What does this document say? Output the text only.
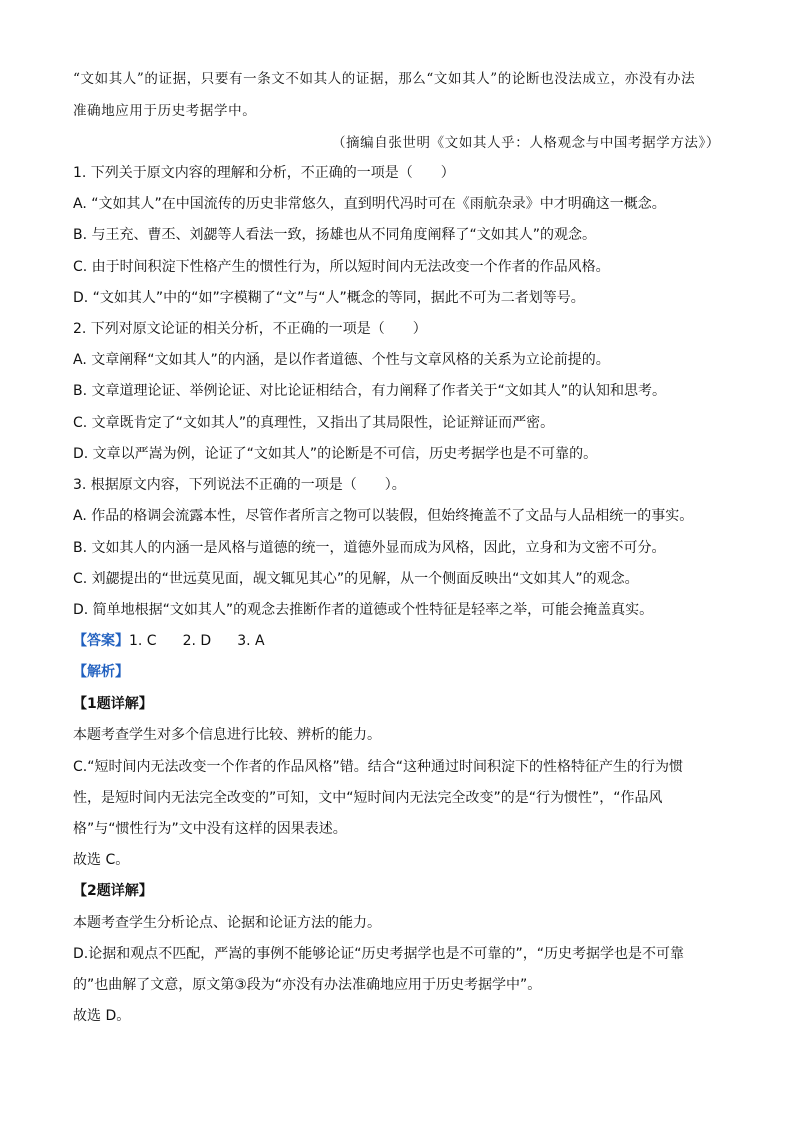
“文如其人”的证据，只要有一条文不如其人的证据，那么“文如其人”的论断也没法成立，亦没有办法
准确地应用于历史考据学中。
（摘编自张世明《文如其人乎：人格观念与中国考据学方法》）
1. 下列关于原文内容的理解和分析，不正确的一项是（　　）
A. “文如其人”在中国流传的历史非常悠久，直到明代冯时可在《雨航杂录》中才明确这一概念。
B. 与王充、曹丕、刘勰等人看法一致，扬雄也从不同角度阐释了“文如其人”的观念。
C. 由于时间积淀下性格产生的惯性行为，所以短时间内无法改变一个作者的作品风格。
D. “文如其人”中的“如”字模糊了“文”与“人”概念的等同，据此不可为二者划等号。
2. 下列对原文论证的相关分析，不正确的一项是（　　）
A. 文章阐释“文如其人”的内涵，是以作者道德、个性与文章风格的关系为立论前提的。
B. 文章道理论证、举例论证、对比论证相结合，有力阐释了作者关于“文如其人”的认知和思考。
C. 文章既肯定了“文如其人”的真理性，又指出了其局限性，论证辩证而严密。
D. 文章以严嵩为例，论证了“文如其人”的论断是不可信，历史考据学也是不可靠的。
3. 根据原文内容，下列说法不正确的一项是（　　）。
A. 作品的格调会流露本性，尽管作者所言之物可以装假，但始终掩盖不了文品与人品相统一的事实。
B. 文如其人的内涵一是风格与道德的统一，道德外显而成为风格，因此，立身和为文密不可分。
C. 刘勰提出的“世远莫见面，觇文辄见其心”的见解，从一个侧面反映出“文如其人”的观念。
D. 简单地根据“文如其人”的观念去推断作者的道德或个性特征是轻率之举，可能会掩盖真实。
【答案】1. C 2. D 3. A
【解析】
【1题详解】
本题考查学生对多个信息进行比较、辨析的能力。
C.“短时间内无法改变一个作者的作品风格”错。结合“这种通过时间积淀下的性格特征产生的行为惯
性，是短时间内无法完全改变的”可知，文中“短时间内无法完全改变”的是“行为惯性”，“作品风
格”与“惯性行为”文中没有这样的因果表述。
故选 C。
【2题详解】
本题考查学生分析论点、论据和论证方法的能力。
D.论据和观点不匹配，严嵩的事例不能够论证“历史考据学也是不可靠的”，“历史考据学也是不可靠
的”也曲解了文意，原文第③段为“亦没有办法准确地应用于历史考据学中”。
故选 D。
